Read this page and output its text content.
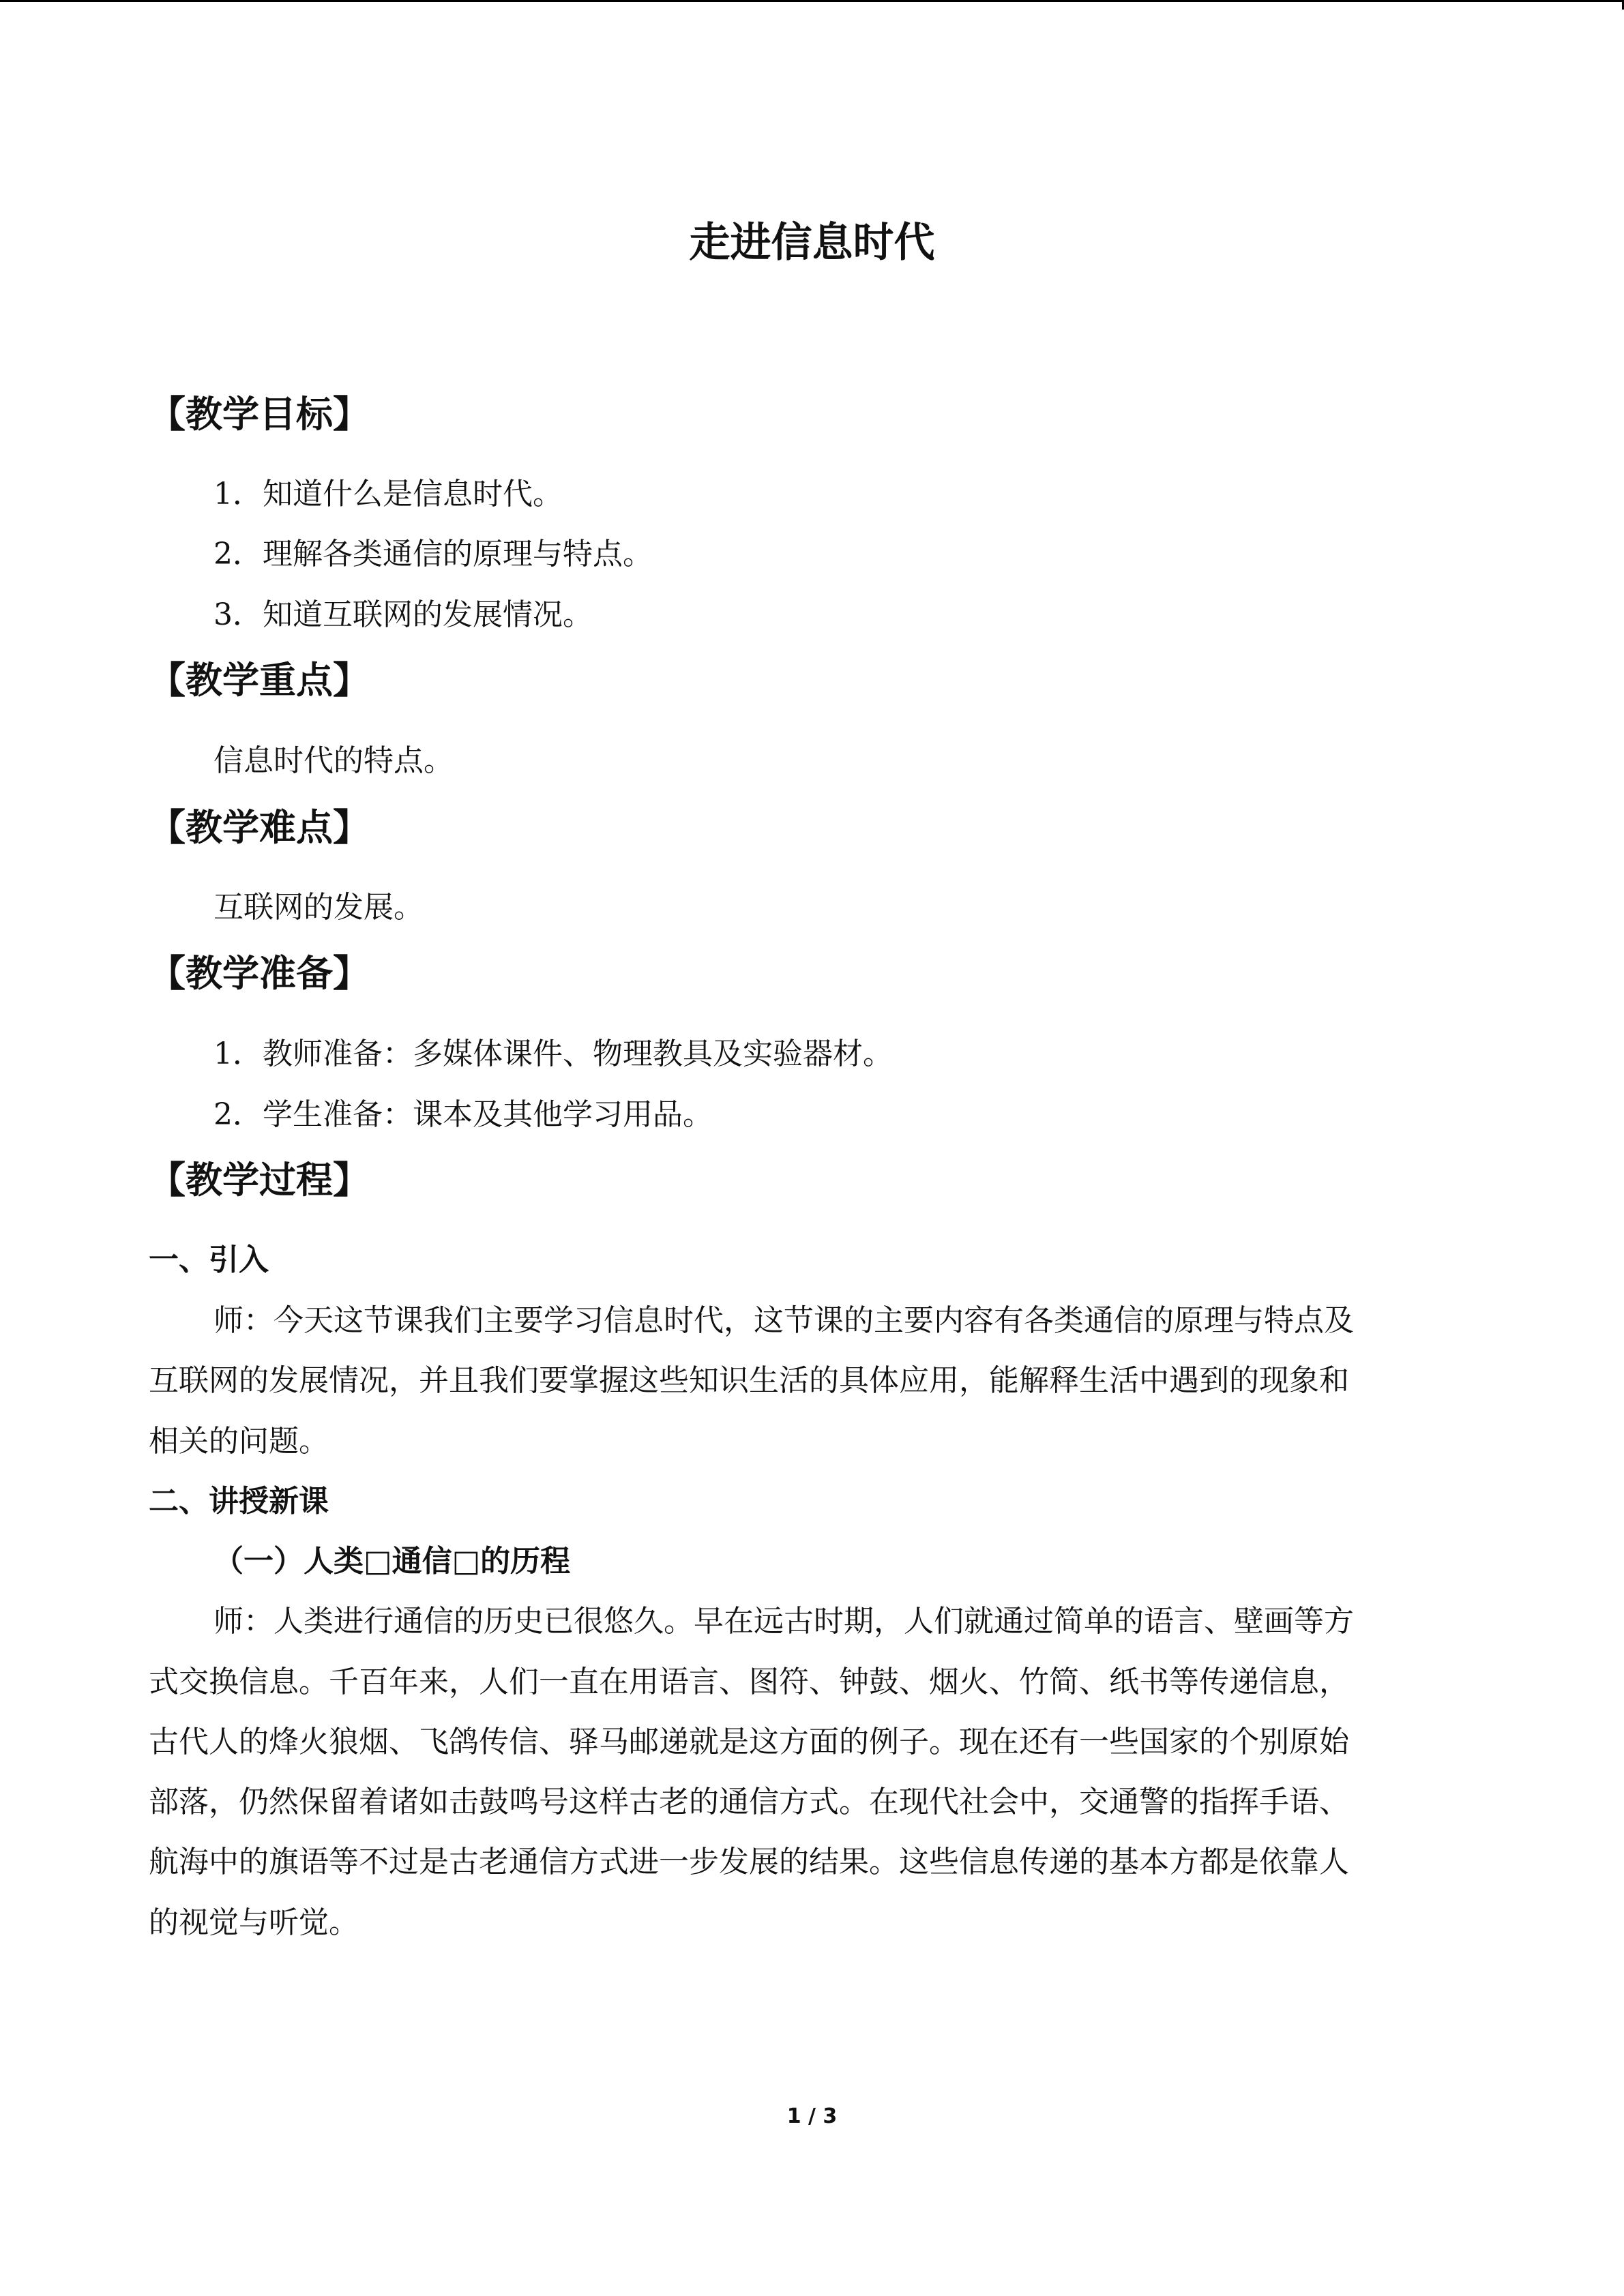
走进信息时代
【教学目标】
1．知道什么是信息时代。
2．理解各类通信的原理与特点。
3．知道互联网的发展情况。
【教学重点】
信息时代的特点。
【教学难点】
互联网的发展。
【教学准备】
1．教师准备：多媒体课件、物理教具及实验器材。
2．学生准备：课本及其他学习用品。
【教学过程】
一、引入
师：今天这节课我们主要学习信息时代，这节课的主要内容有各类通信的原理与特点及
互联网的发展情况，并且我们要掌握这些知识生活的具体应用，能解释生活中遇到的现象和
相关的问题。
二、讲授新课
（一）人类□通信□的历程
师：人类进行通信的历史已很悠久。早在远古时期，人们就通过简单的语言、壁画等方
式交换信息。千百年来，人们一直在用语言、图符、钟鼓、烟火、竹简、纸书等传递信息，
古代人的烽火狼烟、飞鸽传信、驿马邮递就是这方面的例子。现在还有一些国家的个别原始
部落，仍然保留着诸如击鼓鸣号这样古老的通信方式。在现代社会中，交通警的指挥手语、
航海中的旗语等不过是古老通信方式进一步发展的结果。这些信息传递的基本方都是依靠人
的视觉与听觉。
1 / 3
